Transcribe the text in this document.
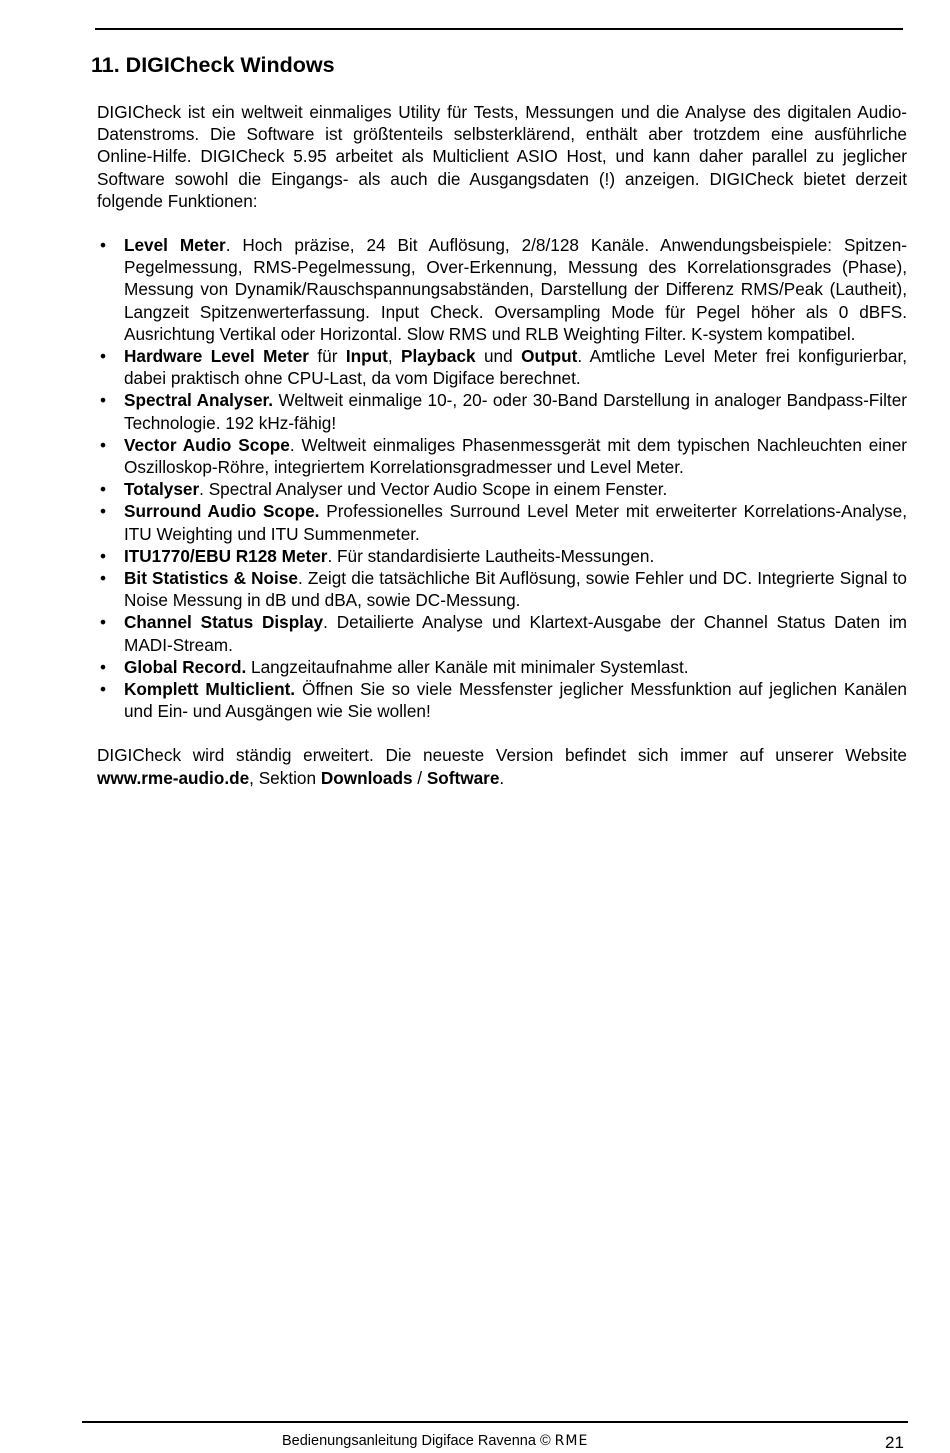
11. DIGICheck Windows

DIGICheck ist ein weltweit einmaliges Utility für Tests, Messungen und die Analyse des digitalen Audio-Datenstroms. Die Software ist größtenteils selbsterklärend, enthält aber trotzdem eine ausführliche Online-Hilfe. DIGICheck 5.95 arbeitet als Multiclient ASIO Host, und kann daher parallel zu jeglicher Software sowohl die Eingangs- als auch die Ausgangsdaten (!) anzeigen. DIGICheck bietet derzeit folgende Funktionen:

• Level Meter. Hoch präzise, 24 Bit Auflösung, 2/8/128 Kanäle. Anwendungsbeispiele: Spitzen-Pegelmessung, RMS-Pegelmessung, Over-Erkennung, Messung des Korrelationsgrades (Phase), Messung von Dynamik/Rauschspannungsabständen, Darstellung der Differenz RMS/Peak (Lautheit), Langzeit Spitzenwerterfassung. Input Check. Oversampling Mode für Pegel höher als 0 dBFS. Ausrichtung Vertikal oder Horizontal. Slow RMS und RLB Weighting Filter. K-system kompatibel.
• Hardware Level Meter für Input, Playback und Output. Amtliche Level Meter frei konfigurierbar, dabei praktisch ohne CPU-Last, da vom Digiface berechnet.
• Spectral Analyser. Weltweit einmalige 10-, 20- oder 30-Band Darstellung in analoger Bandpass-Filter Technologie. 192 kHz-fähig!
• Vector Audio Scope. Weltweit einmaliges Phasenmessgerät mit dem typischen Nachleuchten einer Oszilloskop-Röhre, integriertem Korrelationsgradmesser und Level Meter.
• Totalyser. Spectral Analyser und Vector Audio Scope in einem Fenster.
• Surround Audio Scope. Professionelles Surround Level Meter mit erweiterter Korrelations-Analyse, ITU Weighting und ITU Summenmeter.
• ITU1770/EBU R128 Meter. Für standardisierte Lautheits-Messungen.
• Bit Statistics & Noise. Zeigt die tatsächliche Bit Auflösung, sowie Fehler und DC. Integrierte Signal to Noise Messung in dB und dBA, sowie DC-Messung.
• Channel Status Display. Detailierte Analyse und Klartext-Ausgabe der Channel Status Daten im MADI-Stream.
• Global Record. Langzeitaufnahme aller Kanäle mit minimaler Systemlast.
• Komplett Multiclient. Öffnen Sie so viele Messfenster jeglicher Messfunktion auf jeglichen Kanälen und Ein- und Ausgängen wie Sie wollen!

DIGICheck wird ständig erweitert. Die neueste Version befindet sich immer auf unserer Website www.rme-audio.de, Sektion Downloads / Software.

Bedienungsanleitung Digiface Ravenna © RME	21
